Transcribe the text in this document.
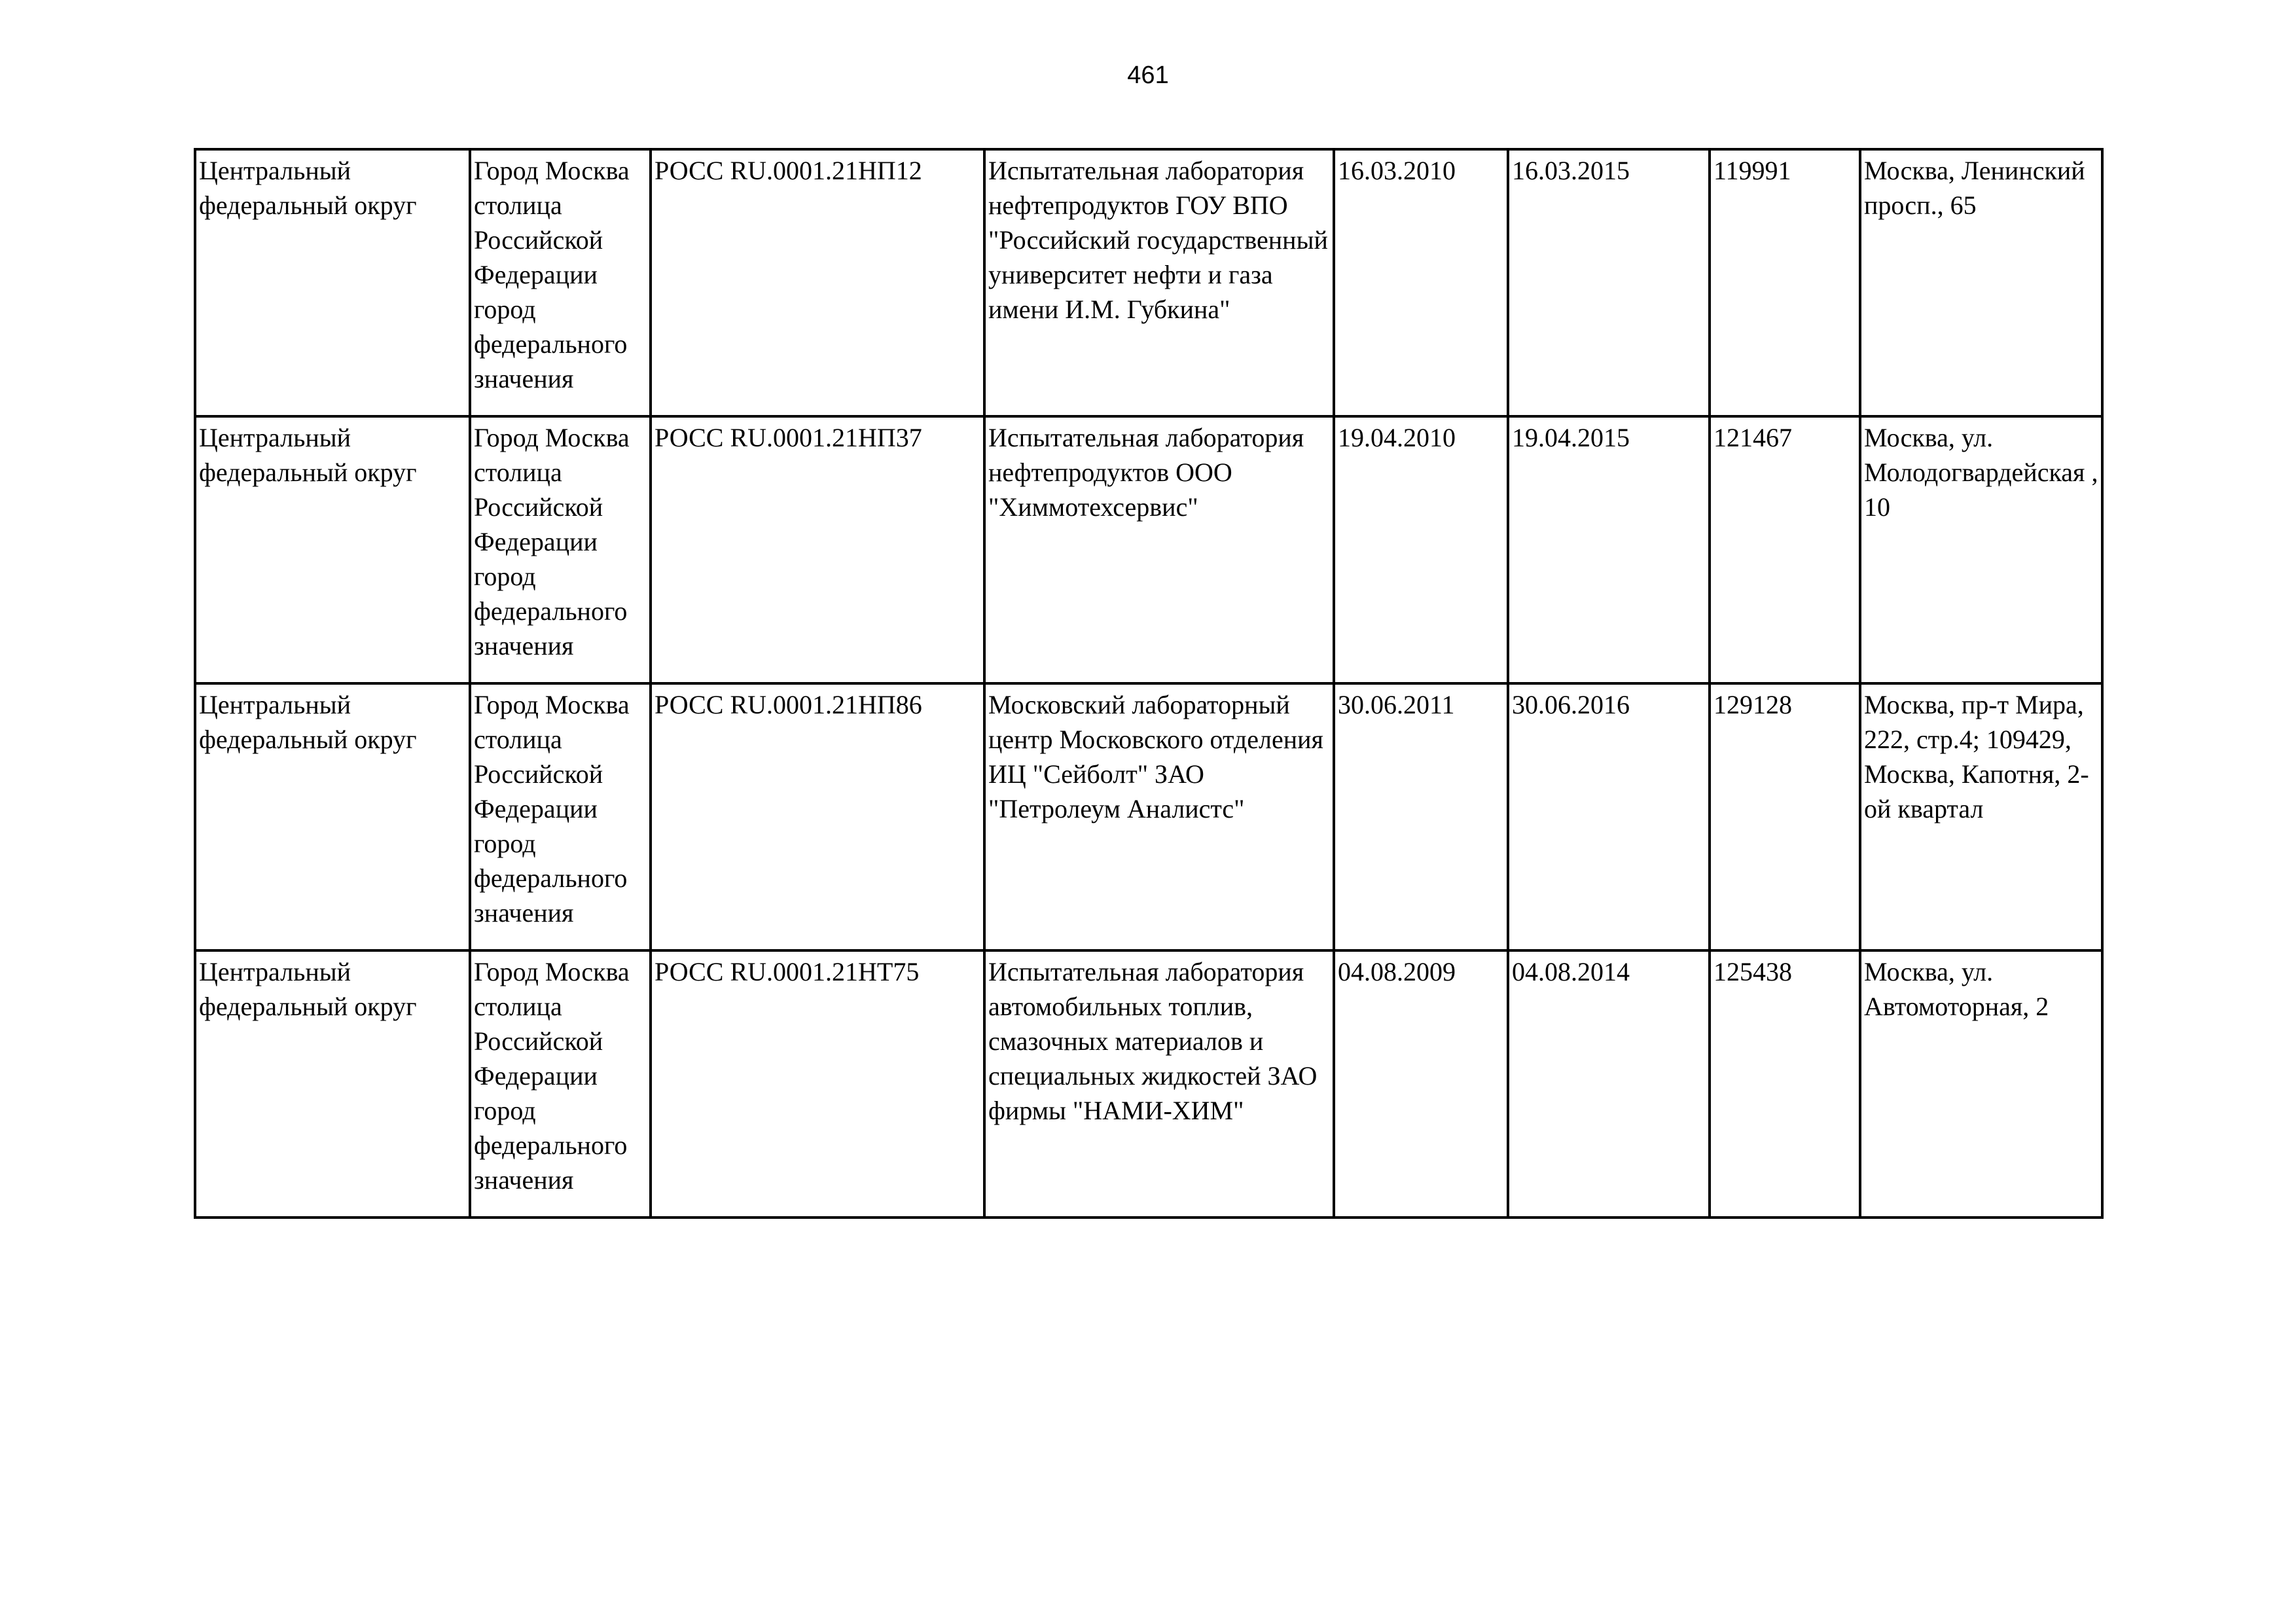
461
Центральный федеральный округ	Город Москва столица Российской Федерации город федерального значения	РОСС RU.0001.21НП12	Испытательная лаборатория нефтепродуктов ГОУ ВПО "Российский государственный университет нефти и газа имени И.М. Губкина"	16.03.2010	16.03.2015	119991	Москва, Ленинский просп., 65

Центральный федеральный округ	Город Москва столица Российской Федерации город федерального значения	РОСС RU.0001.21НП37	Испытательная лаборатория нефтепродуктов ООО "Химмотехсервис"	19.04.2010	19.04.2015	121467	Москва, ул. Молодогвардейская , 10

Центральный федеральный округ	Город Москва столица Российской Федерации город федерального значения	РОСС RU.0001.21НП86	Московский лабораторный центр Московского отделения ИЦ "Сейболт" ЗАО "Петролеум Аналистс"	30.06.2011	30.06.2016	129128	Москва, пр-т Мира, 222, стр.4; 109429, Москва, Капотня, 2-ой квартал

Центральный федеральный округ	Город Москва столица Российской Федерации город федерального значения	РОСС RU.0001.21НТ75	Испытательная лаборатория автомобильных топлив, смазочных материалов и специальных жидкостей ЗАО фирмы "НАМИ-ХИМ"	04.08.2009	04.08.2014	125438	Москва, ул. Автомоторная, 2
